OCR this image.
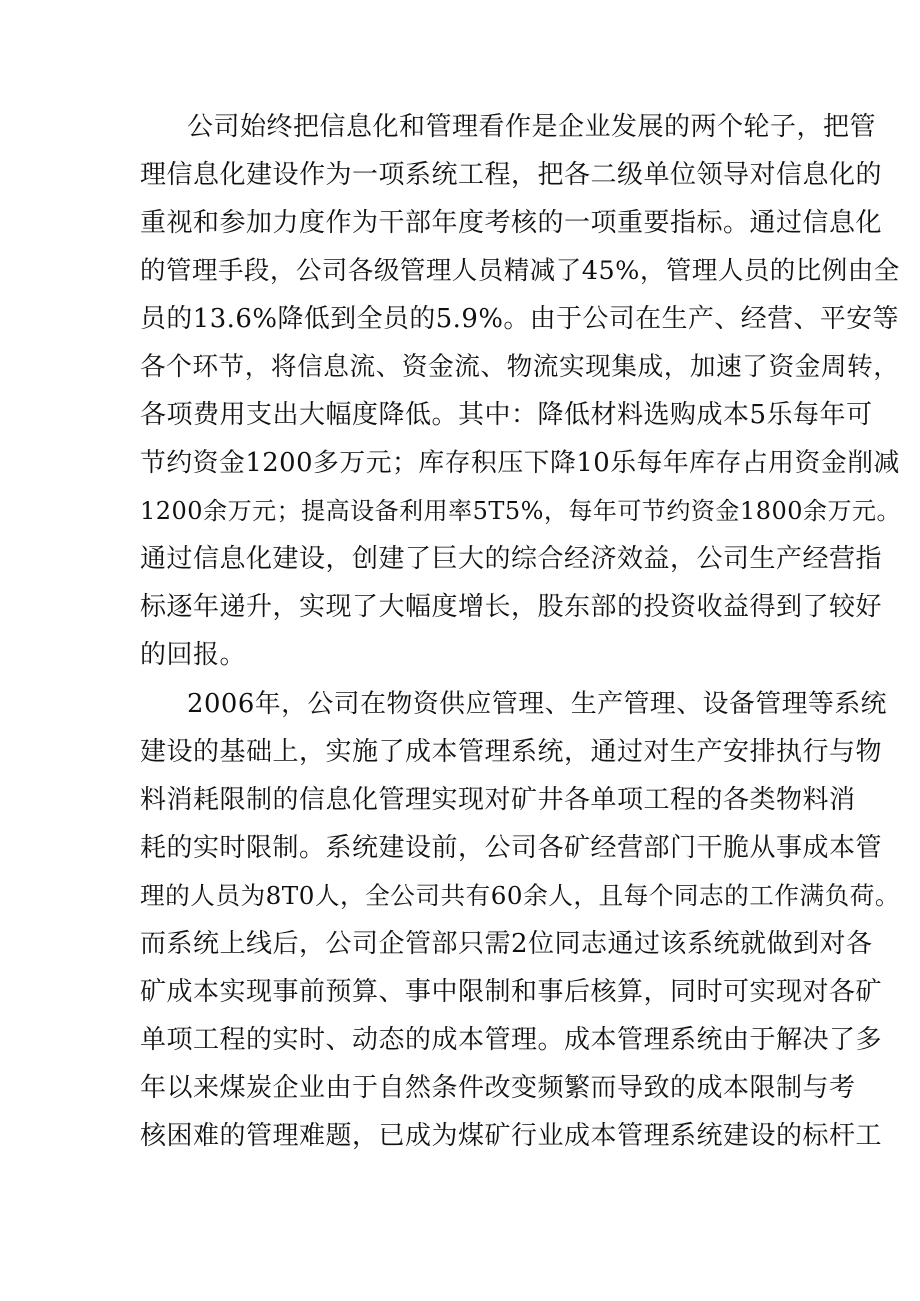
公司始终把信息化和管理看作是企业发展的两个轮子，把管
理信息化建设作为一项系统工程，把各二级单位领导对信息化的
重视和参加力度作为干部年度考核的一项重要指标。通过信息化
的管理手段，公司各级管理人员精减了45%，管理人员的比例由全
员的13.6%降低到全员的5.9%。由于公司在生产、经营、平安等
各个环节，将信息流、资金流、物流实现集成，加速了资金周转，
各项费用支出大幅度降低。其中：降低材料选购成本5乐每年可
节约资金1200多万元；库存积压下降10乐每年库存占用资金削减
1200余万元；提高设备利用率5T5%，每年可节约资金1800余万元。
通过信息化建设，创建了巨大的综合经济效益，公司生产经营指
标逐年递升，实现了大幅度增长，股东部的投资收益得到了较好
的回报。
2006年，公司在物资供应管理、生产管理、设备管理等系统
建设的基础上，实施了成本管理系统，通过对生产安排执行与物
料消耗限制的信息化管理实现对矿井各单项工程的各类物料消
耗的实时限制。系统建设前，公司各矿经营部门干脆从事成本管
理的人员为8T0人，全公司共有60余人，且每个同志的工作满负荷。
而系统上线后，公司企管部只需2位同志通过该系统就做到对各
矿成本实现事前预算、事中限制和事后核算，同时可实现对各矿
单项工程的实时、动态的成本管理。成本管理系统由于解决了多
年以来煤炭企业由于自然条件改变频繁而导致的成本限制与考
核困难的管理难题，已成为煤矿行业成本管理系统建设的标杆工
